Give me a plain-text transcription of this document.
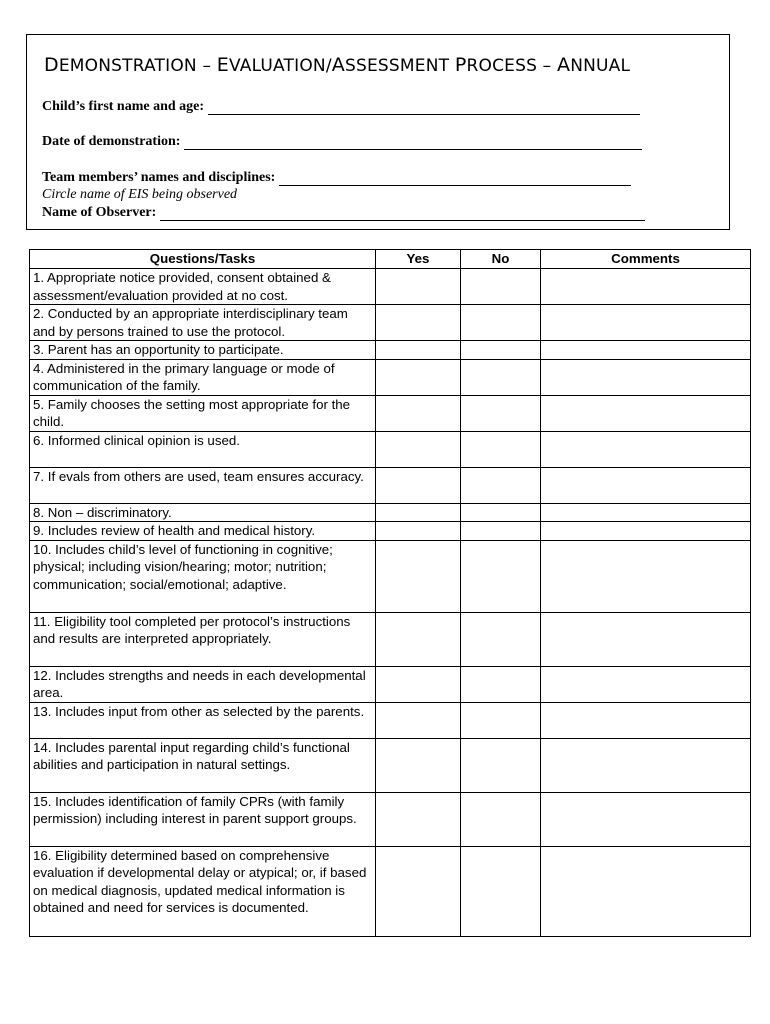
DEMONSTRATION – EVALUATION/ASSESSMENT PROCESS – ANNUAL
Child’s first name and age:
Date of demonstration:
Team members’ names and disciplines:
Circle name of EIS being observed
Name of Observer:
Questions/Tasks	Yes	No	Comments
1. Appropriate notice provided, consent obtained & assessment/evaluation provided at no cost.			
2. Conducted by an appropriate interdisciplinary team and by persons trained to use the protocol.			
3. Parent has an opportunity to participate.			
4. Administered in the primary language or mode of communication of the family.			
5. Family chooses the setting most appropriate for the child.			
6. Informed clinical opinion is used.			
7. If evals from others are used, team ensures accuracy.			
8. Non – discriminatory.			
9. Includes review of health and medical history.			
10. Includes child’s level of functioning in cognitive; physical; including vision/hearing; motor; nutrition; communication; social/emotional; adaptive.			
11. Eligibility tool completed per protocol’s instructions and results are interpreted appropriately.			
12. Includes strengths and needs in each developmental area.			
13. Includes input from other as selected by the parents.			
14. Includes parental input regarding child’s functional abilities and participation in natural settings.			
15. Includes identification of family CPRs (with family permission) including interest in parent support groups.			
16. Eligibility determined based on comprehensive evaluation if developmental delay or atypical; or, if based on medical diagnosis, updated medical information is obtained and need for services is documented.			
